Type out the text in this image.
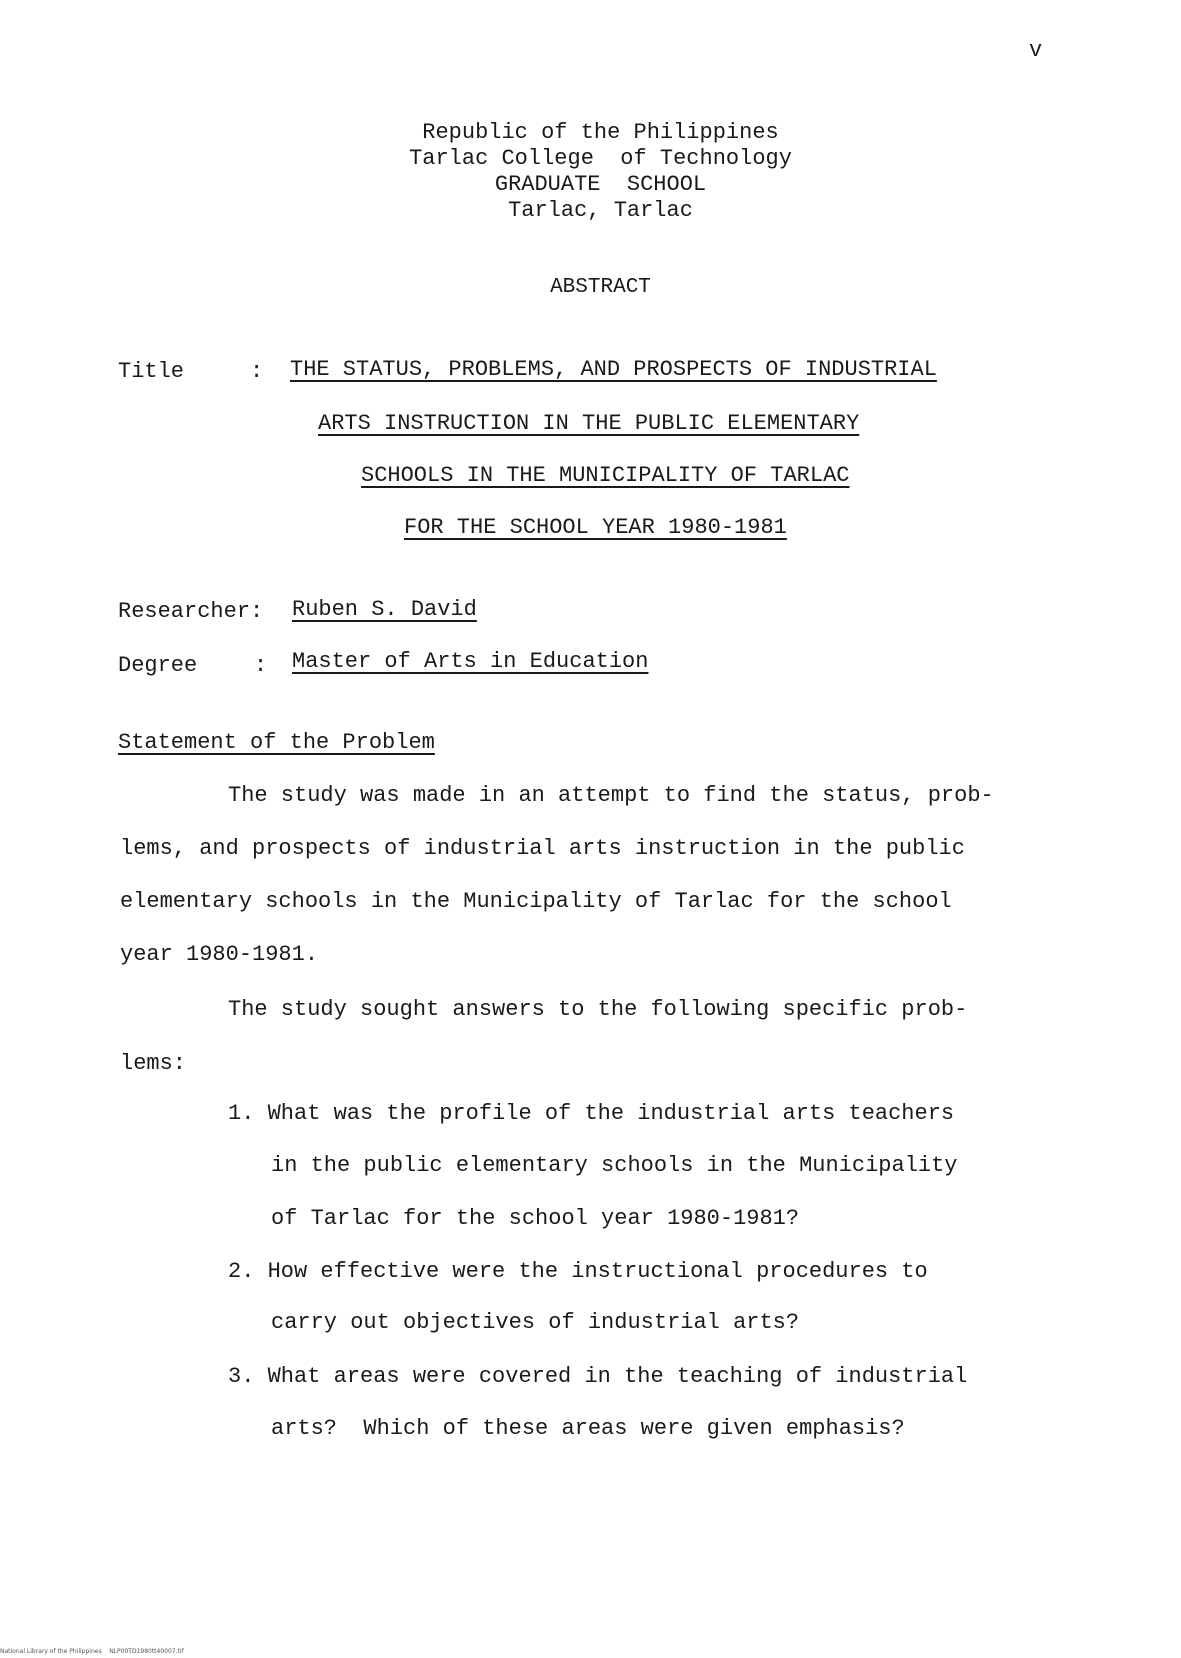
v
Republic of the Philippines
Tarlac College  of Technology
GRADUATE  SCHOOL
Tarlac, Tarlac
ABSTRACT
Title	: THE STATUS, PROBLEMS, AND PROSPECTS OF INDUSTRIAL
ARTS INSTRUCTION IN THE PUBLIC ELEMENTARY
SCHOOLS IN THE MUNICIPALITY OF TARLAC
FOR THE SCHOOL YEAR 1980-1981
Researcher: Ruben S. David
Degree	: Master of Arts in Education
Statement of the Problem
The study was made in an attempt to find the status, prob-
lems, and prospects of industrial arts instruction in the public
elementary schools in the Municipality of Tarlac for the school
year 1980-1981.
The study sought answers to the following specific prob-
lems:
1. What was the profile of the industrial arts teachers
in the public elementary schools in the Municipality
of Tarlac for the school year 1980-1981?
2. How effective were the instructional procedures to
carry out objectives of industrial arts?
3. What areas were covered in the teaching of industrial
arts?  Which of these areas were given emphasis?
National Library of the Philippines    NLP00TD1980tt40007.tif
